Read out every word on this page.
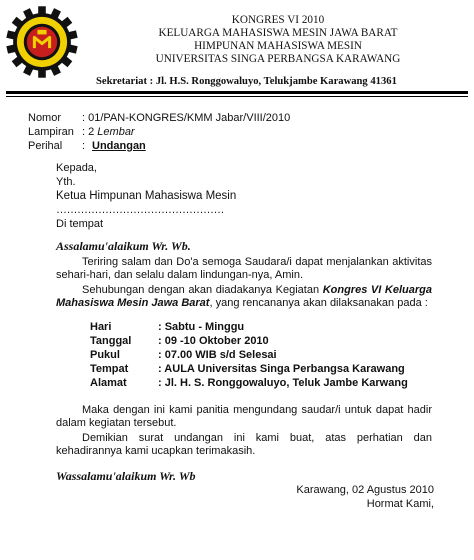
KONGRES VI 2010
KELUARGA MAHASISWA MESIN JAWA BARAT
HIMPUNAN MAHASISWA MESIN
UNIVERSITAS SINGA PERBANGSA KARAWANG
Sekretariat : Jl. H.S. Ronggowaluyo, Telukjambe Karawang 41361
Nomor : 01/PAN-KONGRES/KMM Jabar/VIII/2010
Lampiran : 2 Lembar
Perihal : Undangan
Kepada,
Yth.
Ketua Himpunan Mahasiswa Mesin
…………………………………………
Di tempat
Assalamu'alaikum Wr. Wb.
Teriring salam dan Do'a semoga Saudara/i dapat menjalankan aktivitas sehari-hari, dan selalu dalam lindungan-nya, Amin.
Sehubungan dengan akan diadakanya Kegiatan Kongres VI Keluarga Mahasiswa Mesin Jawa Barat, yang rencananya akan dilaksanakan pada :
Hari	: Sabtu - Minggu
Tanggal : 09 -10 Oktober 2010
Pukul	: 07.00 WIB s/d Selesai
Tempat	: AULA Universitas Singa Perbangsa Karawang
Alamat	: Jl. H. S. Ronggowaluyo, Teluk Jambe Karwang
Maka dengan ini kami panitia mengundang saudar/i untuk dapat hadir dalam kegiatan tersebut.
Demikian surat undangan ini kami buat, atas perhatian dan kehadirannya kami ucapkan terimakasih.
Wassalamu'alaikum Wr. Wb
Karawang, 02 Agustus 2010
Hormat Kami,
